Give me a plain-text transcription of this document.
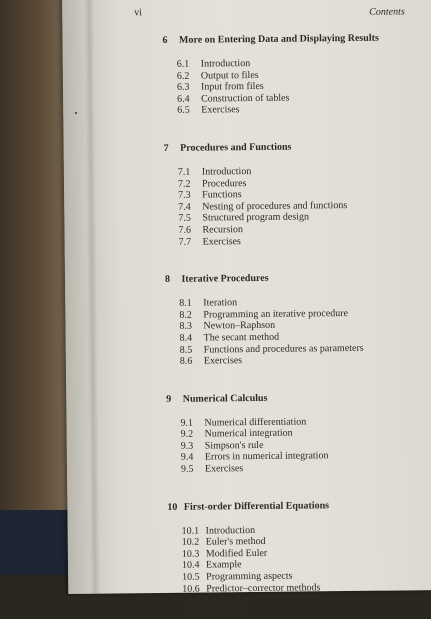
vi	Contents
6 More on Entering Data and Displaying Results
6.1 Introduction
6.2 Output to files
6.3 Input from files
6.4 Construction of tables
6.5 Exercises
7 Procedures and Functions
7.1 Introduction
7.2 Procedures
7.3 Functions
7.4 Nesting of procedures and functions
7.5 Structured program design
7.6 Recursion
7.7 Exercises
8 Iterative Procedures
8.1 Iteration
8.2 Programming an iterative procedure
8.3 Newton–Raphson
8.4 The secant method
8.5 Functions and procedures as parameters
8.6 Exercises
9 Numerical Calculus
9.1 Numerical differentiation
9.2 Numerical integration
9.3 Simpson's rule
9.4 Errors in numerical integration
9.5 Exercises
10 First-order Differential Equations
10.1 Introduction
10.2 Euler's method
10.3 Modified Euler
10.4 Example
10.5 Programming aspects
10.6 Predictor–corrector methods
10.7 Comment
10.8 Exercises
